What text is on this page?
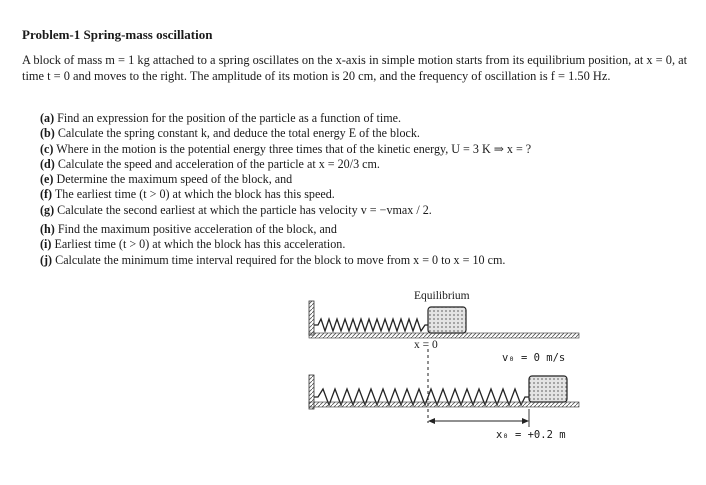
Problem-1 Spring-mass oscillation
A block of mass m = 1 kg attached to a spring oscillates on the x-axis in simple motion starts from its equilibrium position, at x = 0, at time t = 0 and moves to the right. The amplitude of its motion is 20 cm, and the frequency of oscillation is f = 1.50 Hz.
(a) Find an expression for the position of the particle as a function of time.
(b) Calculate the spring constant k, and deduce the total energy E of the block.
(c) Where in the motion is the potential energy three times that of the kinetic energy, U = 3 K ⇒ x = ?
(d) Calculate the speed and acceleration of the particle at x = 20/3 cm.
(e) Determine the maximum speed of the block, and
(f) The earliest time (t > 0) at which the block has this speed.
(g) Calculate the second earliest at which the particle has velocity v = −vmax / 2.
(h) Find the maximum positive acceleration of the block, and
(i) Earliest time (t > 0) at which the block has this acceleration.
(j) Calculate the minimum time interval required for the block to move from x = 0 to x = 10 cm.
Equilibrium
x = 0
v₀ = 0 m/s
x₀ = +0.2 m
